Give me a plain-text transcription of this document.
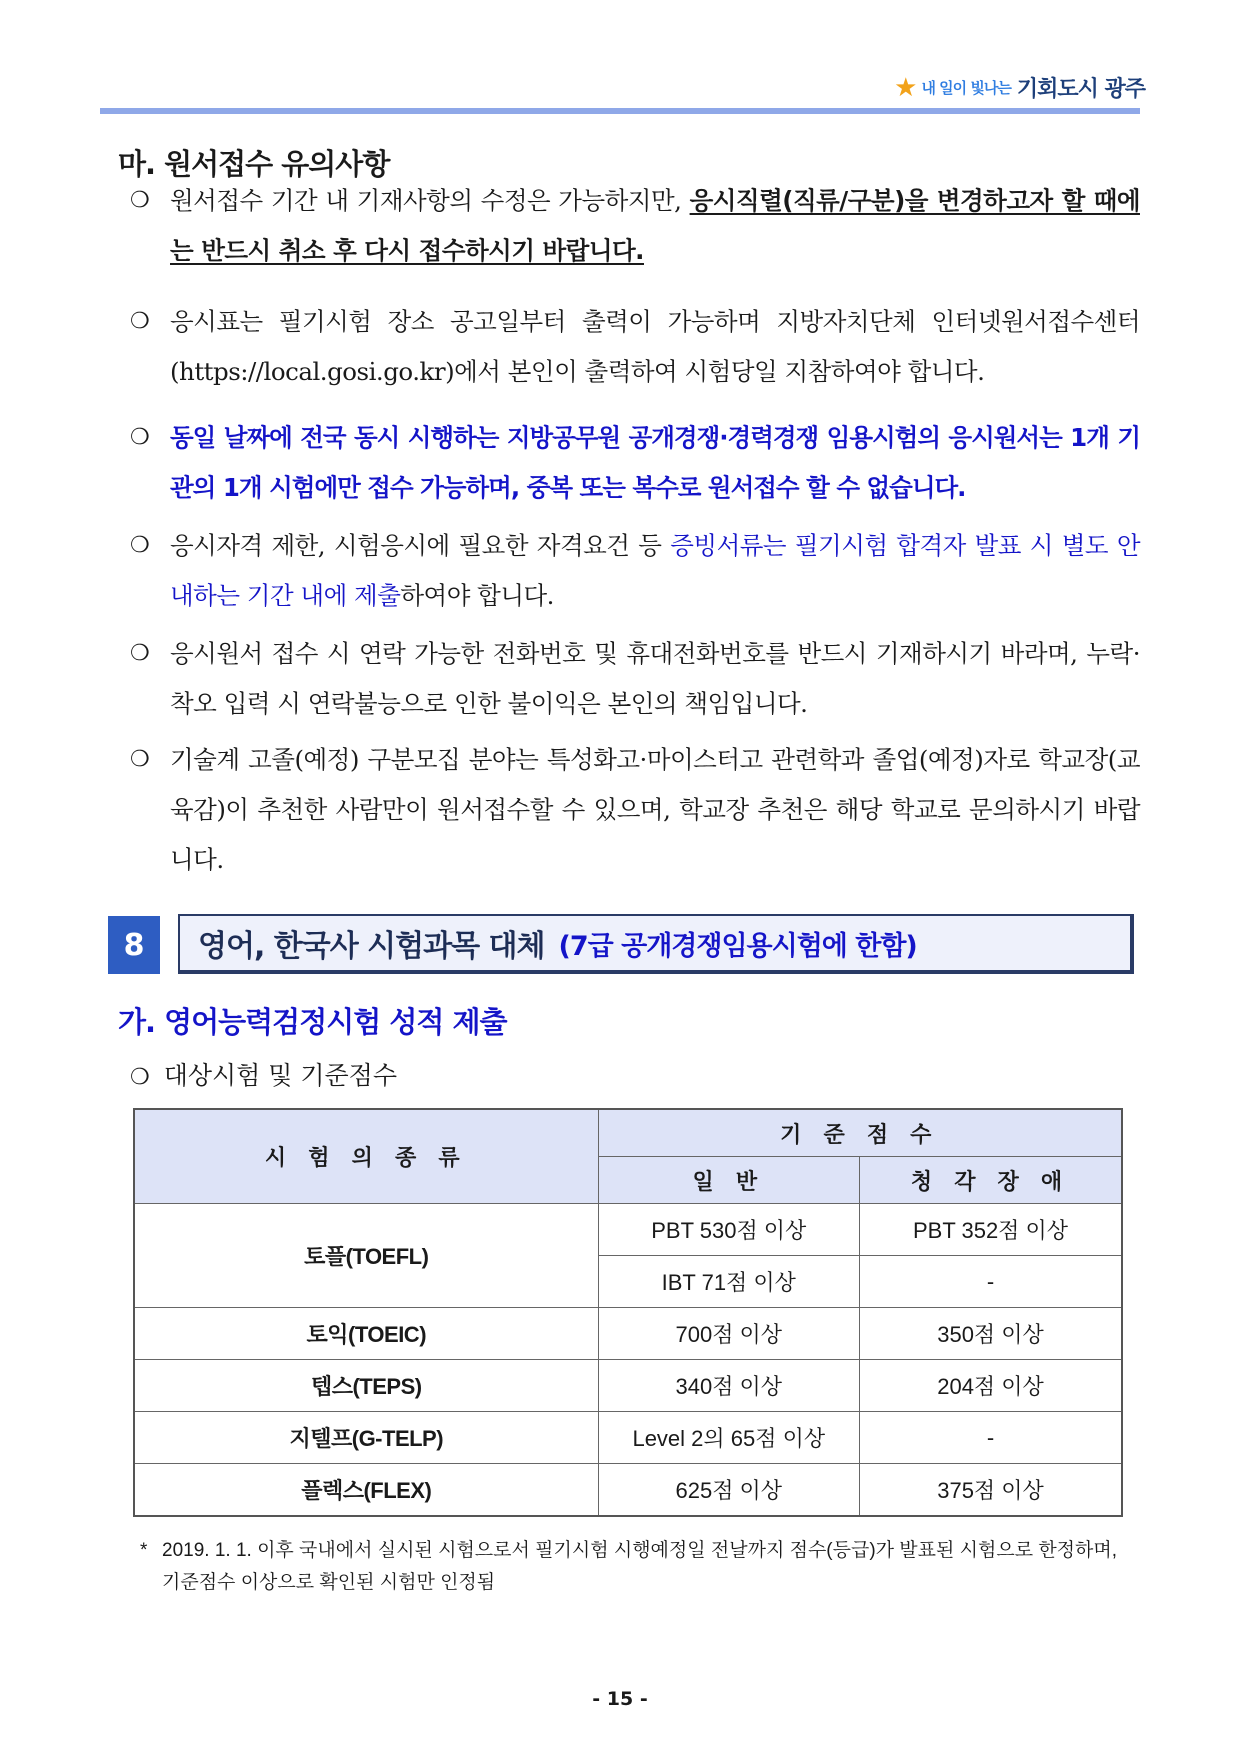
★ 내 일이 빛나는 기회도시 광주
마. 원서접수 유의사항
❍ 원서접수 기간 내 기재사항의 수정은 가능하지만, 응시직렬(직류/구분)을 변경하고자 할 때에는 반드시 취소 후 다시 접수하시기 바랍니다.
❍ 응시표는 필기시험 장소 공고일부터 출력이 가능하며 지방자치단체 인터넷원서접수센터(https://local.gosi.go.kr)에서 본인이 출력하여 시험당일 지참하여야 합니다.
❍ 동일 날짜에 전국 동시 시행하는 지방공무원 공개경쟁·경력경쟁 임용시험의 응시원서는 1개 기관의 1개 시험에만 접수 가능하며, 중복 또는 복수로 원서접수 할 수 없습니다.
❍ 응시자격 제한, 시험응시에 필요한 자격요건 등 증빙서류는 필기시험 합격자 발표 시 별도 안내하는 기간 내에 제출하여야 합니다.
❍ 응시원서 접수 시 연락 가능한 전화번호 및 휴대전화번호를 반드시 기재하시기 바라며, 누락·착오 입력 시 연락불능으로 인한 불이익은 본인의 책임입니다.
❍ 기술계 고졸(예정) 구분모집 분야는 특성화고·마이스터고 관련학과 졸업(예정)자로 학교장(교육감)이 추천한 사람만이 원서접수할 수 있으며, 학교장 추천은 해당 학교로 문의하시기 바랍니다.
8	영어, 한국사 시험과목 대체 (7급 공개경쟁임용시험에 한함)
가. 영어능력검정시험 성적 제출
❍ 대상시험 및 기준점수
시 험 의 종 류	기 준 점 수	
	일 반	청 각 장 애
토플(TOEFL)	PBT 530점 이상	PBT 352점 이상
	IBT 71점 이상	-
토익(TOEIC)	700점 이상	350점 이상
텝스(TEPS)	340점 이상	204점 이상
지텔프(G-TELP)	Level 2의 65점 이상	-
플렉스(FLEX)	625점 이상	375점 이상
* 2019. 1. 1. 이후 국내에서 실시된 시험으로서 필기시험 시행예정일 전날까지 점수(등급)가 발표된 시험으로 한정하며, 기준점수 이상으로 확인된 시험만 인정됨
- 15 -
